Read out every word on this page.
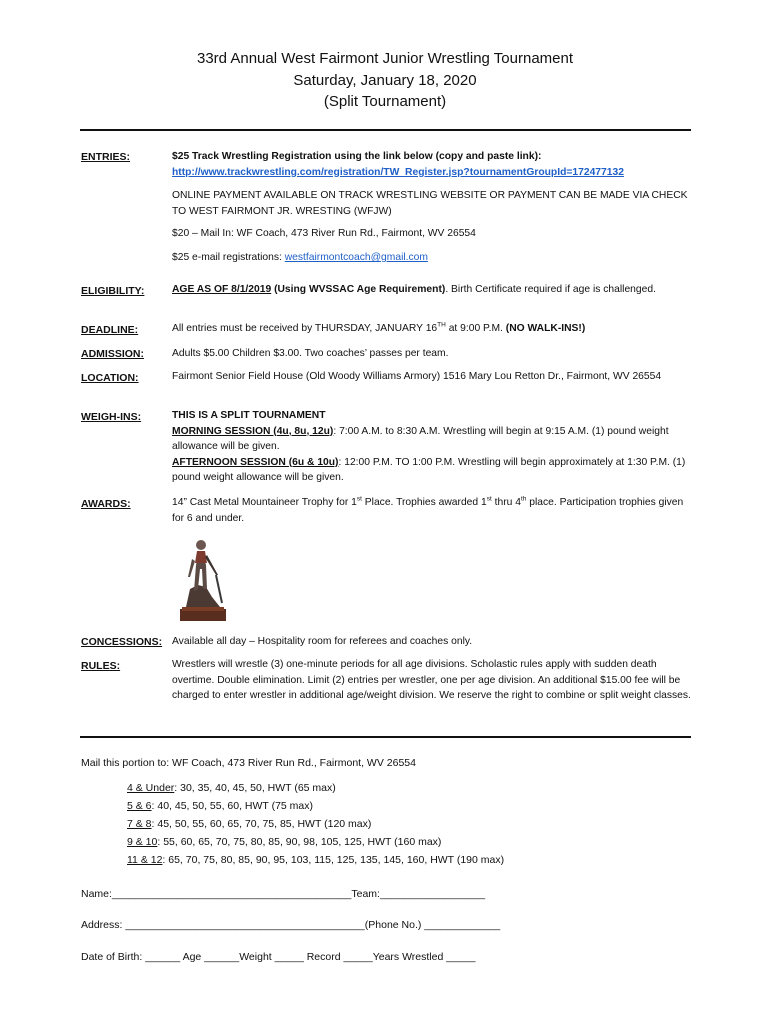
33rd Annual West Fairmont Junior Wrestling Tournament
Saturday, January 18, 2020
(Split Tournament)
ENTRIES:	$25 Track Wrestling Registration using the link below (copy and paste link):
http://www.trackwrestling.com/registration/TW_Register.jsp?tournamentGroupId=172477132
ONLINE PAYMENT AVAILABLE ON TRACK WRESTLING WEBSITE OR PAYMENT CAN BE MADE VIA CHECK TO WEST FAIRMONT JR. WRESTING (WFJW)
$20 – Mail In: WF Coach, 473 River Run Rd., Fairmont, WV 26554
$25 e-mail registrations: westfairmontcoach@gmail.com
ELIGIBILITY:	AGE AS OF 8/1/2019 (Using WVSSAC Age Requirement). Birth Certificate required if age is challenged.
DEADLINE:	All entries must be received by THURSDAY, JANUARY 16TH at 9:00 P.M. (NO WALK-INS!)
ADMISSION:	Adults $5.00 Children $3.00. Two coaches’ passes per team.
LOCATION:	Fairmont Senior Field House (Old Woody Williams Armory) 1516 Mary Lou Retton Dr., Fairmont, WV 26554
WEIGH-INS:	THIS IS A SPLIT TOURNAMENT
MORNING SESSION (4u, 8u, 12u): 7:00 A.M. to 8:30 A.M. Wrestling will begin at 9:15 A.M. (1) pound weight allowance will be given.
AFTERNOON SESSION (6u & 10u): 12:00 P.M. TO 1:00 P.M. Wrestling will begin approximately at 1:30 P.M. (1) pound weight allowance will be given.
AWARDS:	14” Cast Metal Mountaineer Trophy for 1st Place. Trophies awarded 1st thru 4th place. Participation trophies given for 6 and under.
CONCESSIONS: Available all day – Hospitality room for referees and coaches only.
RULES:	Wrestlers will wrestle (3) one-minute periods for all age divisions. Scholastic rules apply with sudden death overtime. Double elimination. Limit (2) entries per wrestler, one per age division. An additional $15.00 fee will be charged to enter wrestler in additional age/weight division. We reserve the right to combine or split weight classes.
Mail this portion to: WF Coach, 473 River Run Rd., Fairmont, WV 26554
4 & Under: 30, 35, 40, 45, 50, HWT (65 max)
5 & 6: 40, 45, 50, 55, 60, HWT (75 max)
7 & 8: 45, 50, 55, 60, 65, 70, 75, 85, HWT (120 max)
9 & 10: 55, 60, 65, 70, 75, 80, 85, 90, 98, 105, 125, HWT (160 max)
11 & 12: 65, 70, 75, 80, 85, 90, 95, 103, 115, 125, 135, 145, 160, HWT (190 max)
Name:_________________________________________Team:__________________
Address: _________________________________________(Phone No.) _____________
Date of Birth: ______ Age ______Weight _____ Record _____Years Wrestled _____
